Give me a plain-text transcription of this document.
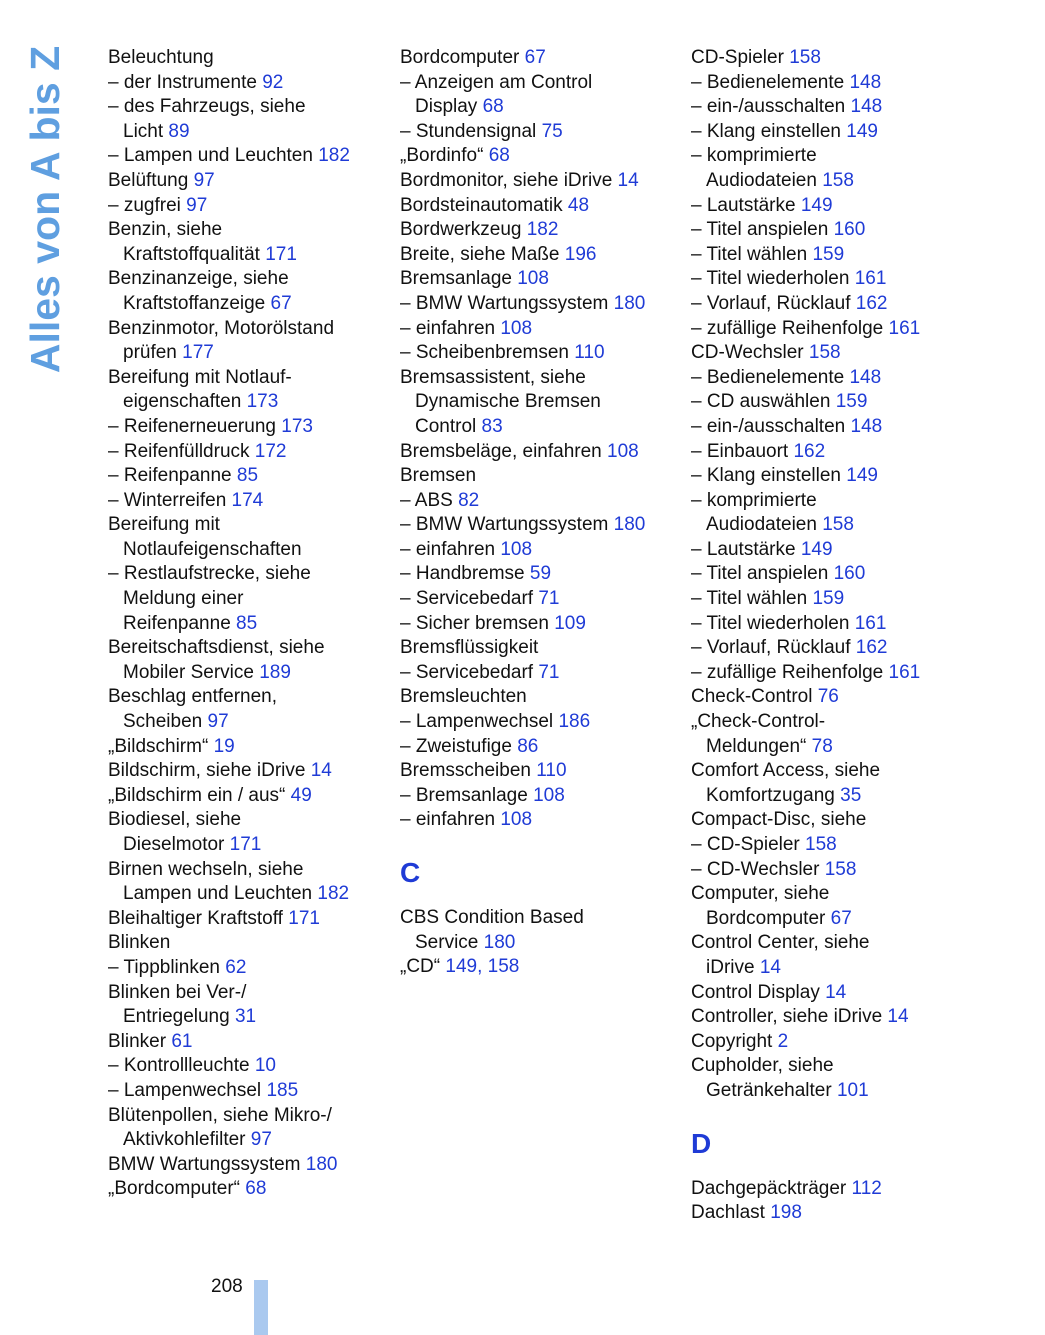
Alles von A bis Z Beleuchtung
– der Instrumente 92
– des Fahrzeugs, siehe
Licht 89
– Lampen und Leuchten 182
Belüftung 97
– zugfrei 97
Benzin, siehe
Kraftstoffqualität 171
Benzinanzeige, siehe
Kraftstoffanzeige 67
Benzinmotor, Motorölstand
prüfen 177
Bereifung mit Notlauf-
eigenschaften 173
– Reifenerneuerung 173
– Reifenfülldruck 172
– Reifenpanne 85
– Winterreifen 174
Bereifung mit
Notlaufeigenschaften
– Restlaufstrecke, siehe
Meldung einer
Reifenpanne 85
Bereitschaftsdienst, siehe
Mobiler Service 189
Beschlag entfernen,
Scheiben 97
„Bildschirm“ 19
Bildschirm, siehe iDrive 14
„Bildschirm ein / aus“ 49
Biodiesel, siehe
Dieselmotor 171
Birnen wechseln, siehe
Lampen und Leuchten 182
Bleihaltiger Kraftstoff 171
Blinken
– Tippblinken 62
Blinken bei Ver-/
Entriegelung 31
Blinker 61
– Kontrollleuchte 10
– Lampenwechsel 185
Blütenpollen, siehe Mikro-/
Aktivkohlefilter 97
BMW Wartungssystem 180
„Bordcomputer“ 68
Bordcomputer 67
– Anzeigen am Control
Display 68
– Stundensignal 75
„Bordinfo“ 68
Bordmonitor, siehe iDrive 14
Bordsteinautomatik 48
Bordwerkzeug 182
Breite, siehe Maße 196
Bremsanlage 108
– BMW Wartungssystem 180
– einfahren 108
– Scheibenbremsen 110
Bremsassistent, siehe
Dynamische Bremsen
Control 83
Bremsbeläge, einfahren 108
Bremsen
– ABS 82
– BMW Wartungssystem 180
– einfahren 108
– Handbremse 59
– Servicebedarf 71
– Sicher bremsen 109
Bremsflüssigkeit
– Servicebedarf 71
Bremsleuchten
– Lampenwechsel 186
– Zweistufige 86
Bremsscheiben 110
– Bremsanlage 108
– einfahren 108
C
CBS Condition Based
Service 180
„CD“ 149, 158
CD-Spieler 158
– Bedienelemente 148
– ein-/ausschalten 148
– Klang einstellen 149
– komprimierte
Audiodateien 158
– Lautstärke 149
– Titel anspielen 160
– Titel wählen 159
– Titel wiederholen 161
– Vorlauf, Rücklauf 162
– zufällige Reihenfolge 161
CD-Wechsler 158
– Bedienelemente 148
– CD auswählen 159
– ein-/ausschalten 148
– Einbauort 162
– Klang einstellen 149
– komprimierte
Audiodateien 158
– Lautstärke 149
– Titel anspielen 160
– Titel wählen 159
– Titel wiederholen 161
– Vorlauf, Rücklauf 162
– zufällige Reihenfolge 161
Check-Control 76
„Check-Control-
Meldungen“ 78
Comfort Access, siehe
Komfortzugang 35
Compact-Disc, siehe
– CD-Spieler 158
– CD-Wechsler 158
Computer, siehe
Bordcomputer 67
Control Center, siehe
iDrive 14
Control Display 14
Controller, siehe iDrive 14
Copyright 2
Cupholder, siehe
Getränkehalter 101
D
Dachgepäckträger 112
Dachlast 198
208
